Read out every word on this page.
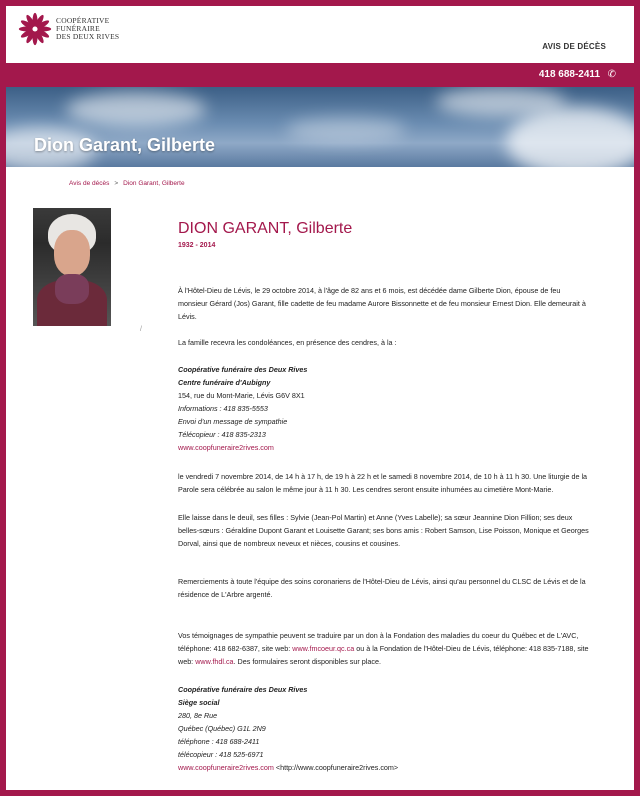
COOPÉRATIVE
FUNÉRAIRE
DES DEUX RIVES
AVIS DE DÉCÈS
418 688-2411 ✆
Dion Garant, Gilberte
Avis de décès > Dion Garant, Gilberte
/
DION GARANT, Gilberte
1932 - 2014

À l'Hôtel-Dieu de Lévis, le 29 octobre 2014, à l'âge de 82 ans et 6 mois, est décédée dame Gilberte Dion, épouse de feu monsieur Gérard (Jos) Garant, fille cadette de feu madame Aurore Bissonnette et de feu monsieur Ernest Dion. Elle demeurait à Lévis.

La famille recevra les condoléances, en présence des cendres, à la :

Coopérative funéraire des Deux Rives
Centre funéraire d'Aubigny
154, rue du Mont-Marie, Lévis G6V 8X1
Informations : 418 835-5553
Envoi d'un message de sympathie
Télécopieur : 418 835-2313
www.coopfuneraire2rives.com

le vendredi 7 novembre 2014, de 14 h à 17 h, de 19 h à 22 h et le samedi 8 novembre 2014, de 10 h à 11 h 30. Une liturgie de la Parole sera célébrée au salon le même jour à 11 h 30. Les cendres seront ensuite inhumées au cimetière Mont-Marie.

Elle laisse dans le deuil, ses filles : Sylvie (Jean-Pol Martin) et Anne (Yves Labelle); sa sœur Jeannine Dion Fillion; ses deux belles-sœurs : Géraldine Dupont Garant et Louisette Garant; ses bons amis : Robert Samson, Lise Poisson, Monique et Georges Dorval, ainsi que de nombreux neveux et nièces, cousins et cousines.

Remerciements à toute l'équipe des soins coronariens de l'Hôtel-Dieu de Lévis, ainsi qu'au personnel du CLSC de Lévis et de la résidence de L'Arbre argenté.

Vos témoignages de sympathie peuvent se traduire par un don à la Fondation des maladies du coeur du Québec et de L'AVC, téléphone: 418 682-6387, site web: www.fmcoeur.qc.ca ou à la Fondation de l'Hôtel-Dieu de Lévis, téléphone: 418 835-7188, site web: www.fhdl.ca. Des formulaires seront disponibles sur place.

Coopérative funéraire des Deux Rives
Siège social
280, 8e Rue
Québec (Québec) G1L 2N9
téléphone : 418 688-2411
télécopieur : 418 525-6971
www.coopfuneraire2rives.com <http://www.coopfuneraire2rives.com>
